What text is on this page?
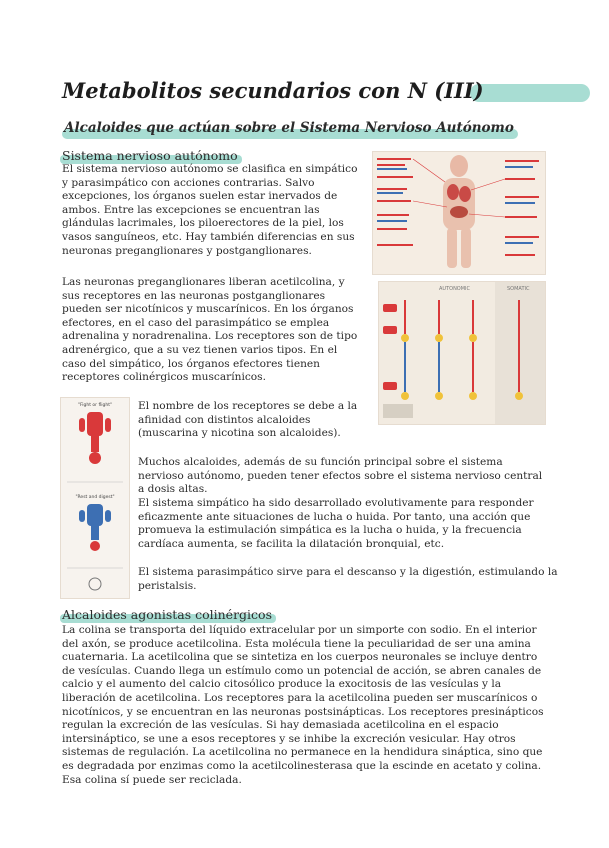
Metabolitos secundarios con N (III)
Alcaloides que actúan sobre el Sistema Nervioso Autónomo
Sistema nervioso autónomo

El sistema nervioso autónomo se clasifica en simpático y parasimpático con acciones contrarias. Salvo excepciones, los órganos suelen estar inervados de ambos. Entre las excepciones se encuentran las glándulas lacrimales, los piloerectores de la piel, los vasos sanguíneos, etc. Hay también diferencias en sus neuronas preganglionares y postganglionares.

Las neuronas preganglionares liberan acetilcolina, y sus receptores en las neuronas postganglionares pueden ser nicotínicos y muscarínicos. En los órganos efectores, en el caso del parasimpático se emplea adrenalina y noradrenalina. Los receptores son de tipo adrenérgico, que a su vez tienen varios tipos. En el caso del simpático, los órganos efectores tienen receptores colinérgicos muscarínicos.

El nombre de los receptores se debe a la afinidad con distintos alcaloides (muscarina y nicotina son alcaloides).

Muchos alcaloides, además de su función principal sobre el sistema nervioso autónomo, pueden tener efectos sobre el sistema nervioso central a dosis altas.

El sistema simpático ha sido desarrollado evolutivamente para responder eficazmente ante situaciones de lucha o huida. Por tanto, una acción que promueva la estimulación simpática es la lucha o huida, y la frecuencia cardíaca aumenta, se facilita la dilatación bronquial, etc.

El sistema parasimpático sirve para el descanso y la digestión, estimulando la peristalsis.

Alcaloides agonistas colinérgicos

La colina se transporta del líquido extracelular por un simporte con sodio. En el interior del axón, se produce acetilcolina. Esta molécula tiene la peculiaridad de ser una amina cuaternaria. La acetilcolina que se sintetiza en los cuerpos neuronales se incluye dentro de vesículas. Cuando llega un estímulo como un potencial de acción, se abren canales de calcio y el aumento del calcio citosólico produce la exocitosis de las vesículas y la liberación de acetilcolina. Los receptores para la acetilcolina pueden ser muscarínicos o nicotínicos, y se encuentran en las neuronas postsinápticas. Los receptores presinápticos regulan la excreción de las vesículas. Si hay demasiada acetilcolina en el espacio intersináptico, se une a esos receptores y se inhibe la excreción vesicular. Hay otros sistemas de regulación. La acetilcolina no permanece en la hendidura sináptica, sino que es degradada por enzimas como la acetilcolinesterasa que la escinde en acetato y colina. Esa colina sí puede ser reciclada.

AUTONOMIC	SOMATIC
"Fight or flight"
"Rest and digest"
